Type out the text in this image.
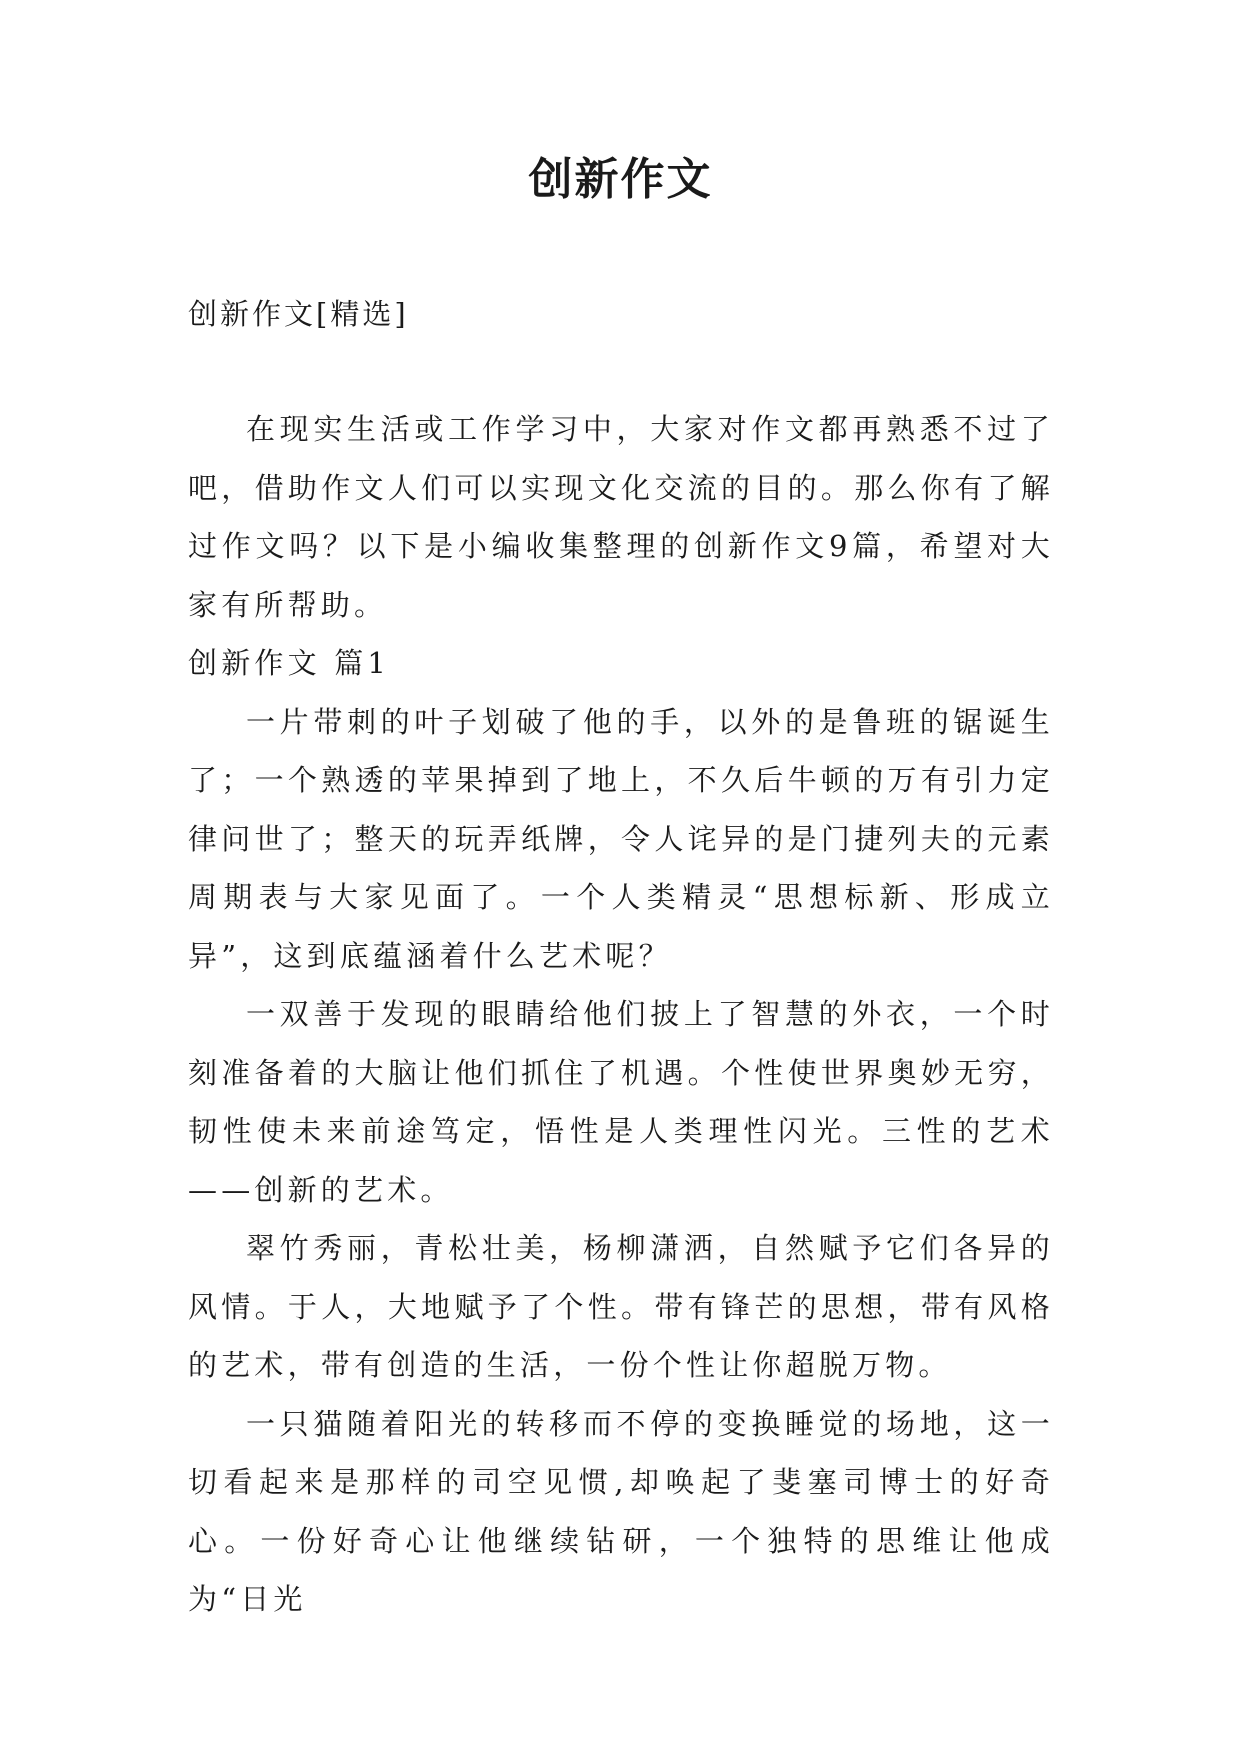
创新作文
创新作文[精选]

在现实生活或工作学习中，大家对作文都再熟悉不过了吧，借助作文人们可以实现文化交流的目的。那么你有了解过作文吗？以下是小编收集整理的创新作文9篇，希望对大家有所帮助。

创新作文 篇1

一片带刺的叶子划破了他的手，以外的是鲁班的锯诞生了；一个熟透的苹果掉到了地上，不久后牛顿的万有引力定律问世了；整天的玩弄纸牌，令人诧异的是门捷列夫的元素周期表与大家见面了。一个人类精灵“思想标新、形成立异”，这到底蕴涵着什么艺术呢？

一双善于发现的眼睛给他们披上了智慧的外衣，一个时刻准备着的大脑让他们抓住了机遇。个性使世界奥妙无穷，韧性使未来前途笃定，悟性是人类理性闪光。三性的艺术——创新的艺术。

翠竹秀丽，青松壮美，杨柳潇洒，自然赋予它们各异的风情。于人，大地赋予了个性。带有锋芒的思想，带有风格的艺术，带有创造的生活，一份个性让你超脱万物。

一只猫随着阳光的转移而不停的变换睡觉的场地，这一切看起来是那样的司空见惯,却唤起了斐塞司博士的好奇心。一份好奇心让他继续钻研，一个独特的思维让他成为“日光
